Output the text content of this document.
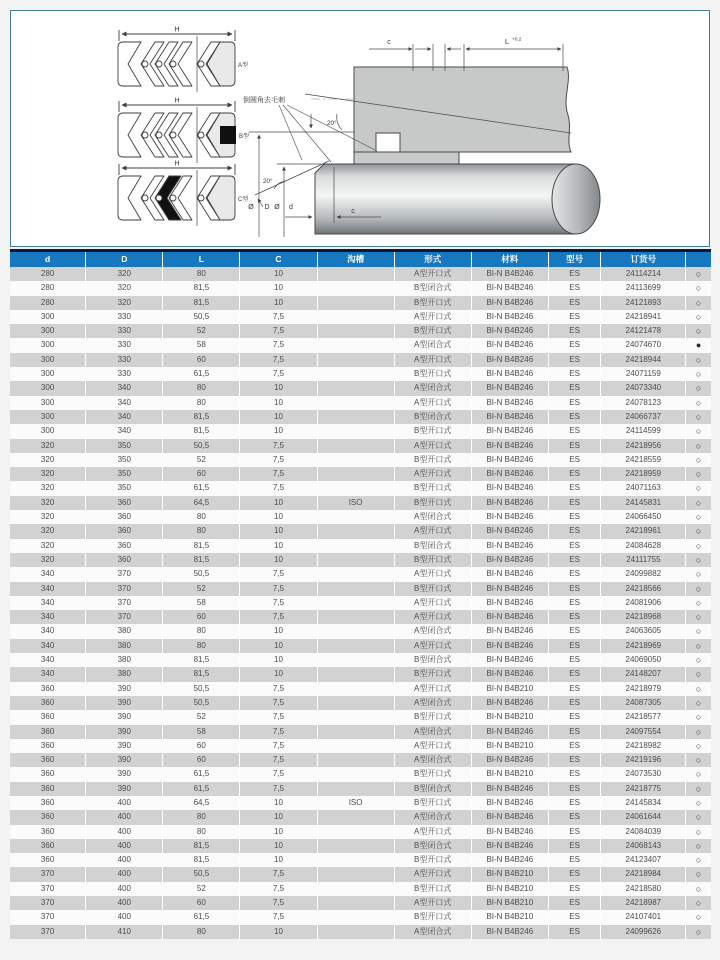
H
A型
H
B型
H
C型
倒圆角去毛刺
c	L +0,2
20°
20°
Ø D Ø d
c
d	D	L	C	沟槽	形式	材料	型号	订货号	
280	320	80	10		A型开口式	BI-N B4B246	ES	24114214	○
280	320	81,5	10		B型闭合式	BI-N B4B246	ES	24113699	○
280	320	81,5	10		B型开口式	BI-N B4B246	ES	24121893	○
300	330	50,5	7,5		A型开口式	BI-N B4B246	ES	24218941	○
300	330	52	7,5		B型开口式	BI-N B4B246	ES	24121478	○
300	330	58	7,5		A型闭合式	BI-N B4B246	ES	24074670	●
300	330	60	7,5		A型开口式	BI-N B4B246	ES	24218944	○
300	330	61,5	7,5		B型开口式	BI-N B4B246	ES	24071159	○
300	340	80	10		A型闭合式	BI-N B4B246	ES	24073340	○
300	340	80	10		A型开口式	BI-N B4B246	ES	24078123	○
300	340	81,5	10		B型闭合式	BI-N B4B246	ES	24066737	○
300	340	81,5	10		B型开口式	BI-N B4B246	ES	24114599	○
320	350	50,5	7,5		A型开口式	BI-N B4B246	ES	24218956	○
320	350	52	7,5		B型开口式	BI-N B4B246	ES	24218559	○
320	350	60	7,5		A型开口式	BI-N B4B246	ES	24218959	○
320	350	61,5	7,5		B型开口式	BI-N B4B246	ES	24071163	○
320	360	64,5	10	ISO	B型开口式	BI-N B4B246	ES	24145831	○
320	360	80	10		A型闭合式	BI-N B4B246	ES	24066450	○
320	360	80	10		A型开口式	BI-N B4B246	ES	24218961	○
320	360	81,5	10		B型闭合式	BI-N B4B246	ES	24084628	○
320	360	81,5	10		B型开口式	BI-N B4B246	ES	24111755	○
340	370	50,5	7,5		A型开口式	BI-N B4B246	ES	24099882	○
340	370	52	7,5		B型开口式	BI-N B4B246	ES	24218566	○
340	370	58	7,5		A型开口式	BI-N B4B246	ES	24081906	○
340	370	60	7,5		A型开口式	BI-N B4B246	ES	24218968	○
340	380	80	10		A型闭合式	BI-N B4B246	ES	24063605	○
340	380	80	10		A型开口式	BI-N B4B246	ES	24218969	○
340	380	81,5	10		B型闭合式	BI-N B4B246	ES	24069050	○
340	380	81,5	10		B型开口式	BI-N B4B246	ES	24148207	○
360	390	50,5	7,5		A型开口式	BI-N B4B210	ES	24218979	○
360	390	50,5	7,5		A型闭合式	BI-N B4B246	ES	24087305	○
360	390	52	7,5		B型开口式	BI-N B4B210	ES	24218577	○
360	390	58	7,5		A型闭合式	BI-N B4B246	ES	24097554	○
360	390	60	7,5		A型开口式	BI-N B4B210	ES	24218982	○
360	390	60	7,5		A型闭合式	BI-N B4B246	ES	24219196	○
360	390	61,5	7,5		B型开口式	BI-N B4B210	ES	24073530	○
360	390	61,5	7,5		B型闭合式	BI-N B4B246	ES	24218775	○
360	400	64,5	10	ISO	B型开口式	BI-N B4B246	ES	24145834	○
360	400	80	10		A型闭合式	BI-N B4B246	ES	24061644	○
360	400	80	10		A型开口式	BI-N B4B246	ES	24084039	○
360	400	81,5	10		B型闭合式	BI-N B4B246	ES	24068143	○
360	400	81,5	10		B型开口式	BI-N B4B246	ES	24123407	○
370	400	50,5	7,5		A型开口式	BI-N B4B210	ES	24218984	○
370	400	52	7,5		B型开口式	BI-N B4B210	ES	24218580	○
370	400	60	7,5		A型开口式	BI-N B4B210	ES	24218987	○
370	400	61,5	7,5		B型开口式	BI-N B4B210	ES	24107401	○
370	410	80	10		A型闭合式	BI-N B4B246	ES	24099626	○
